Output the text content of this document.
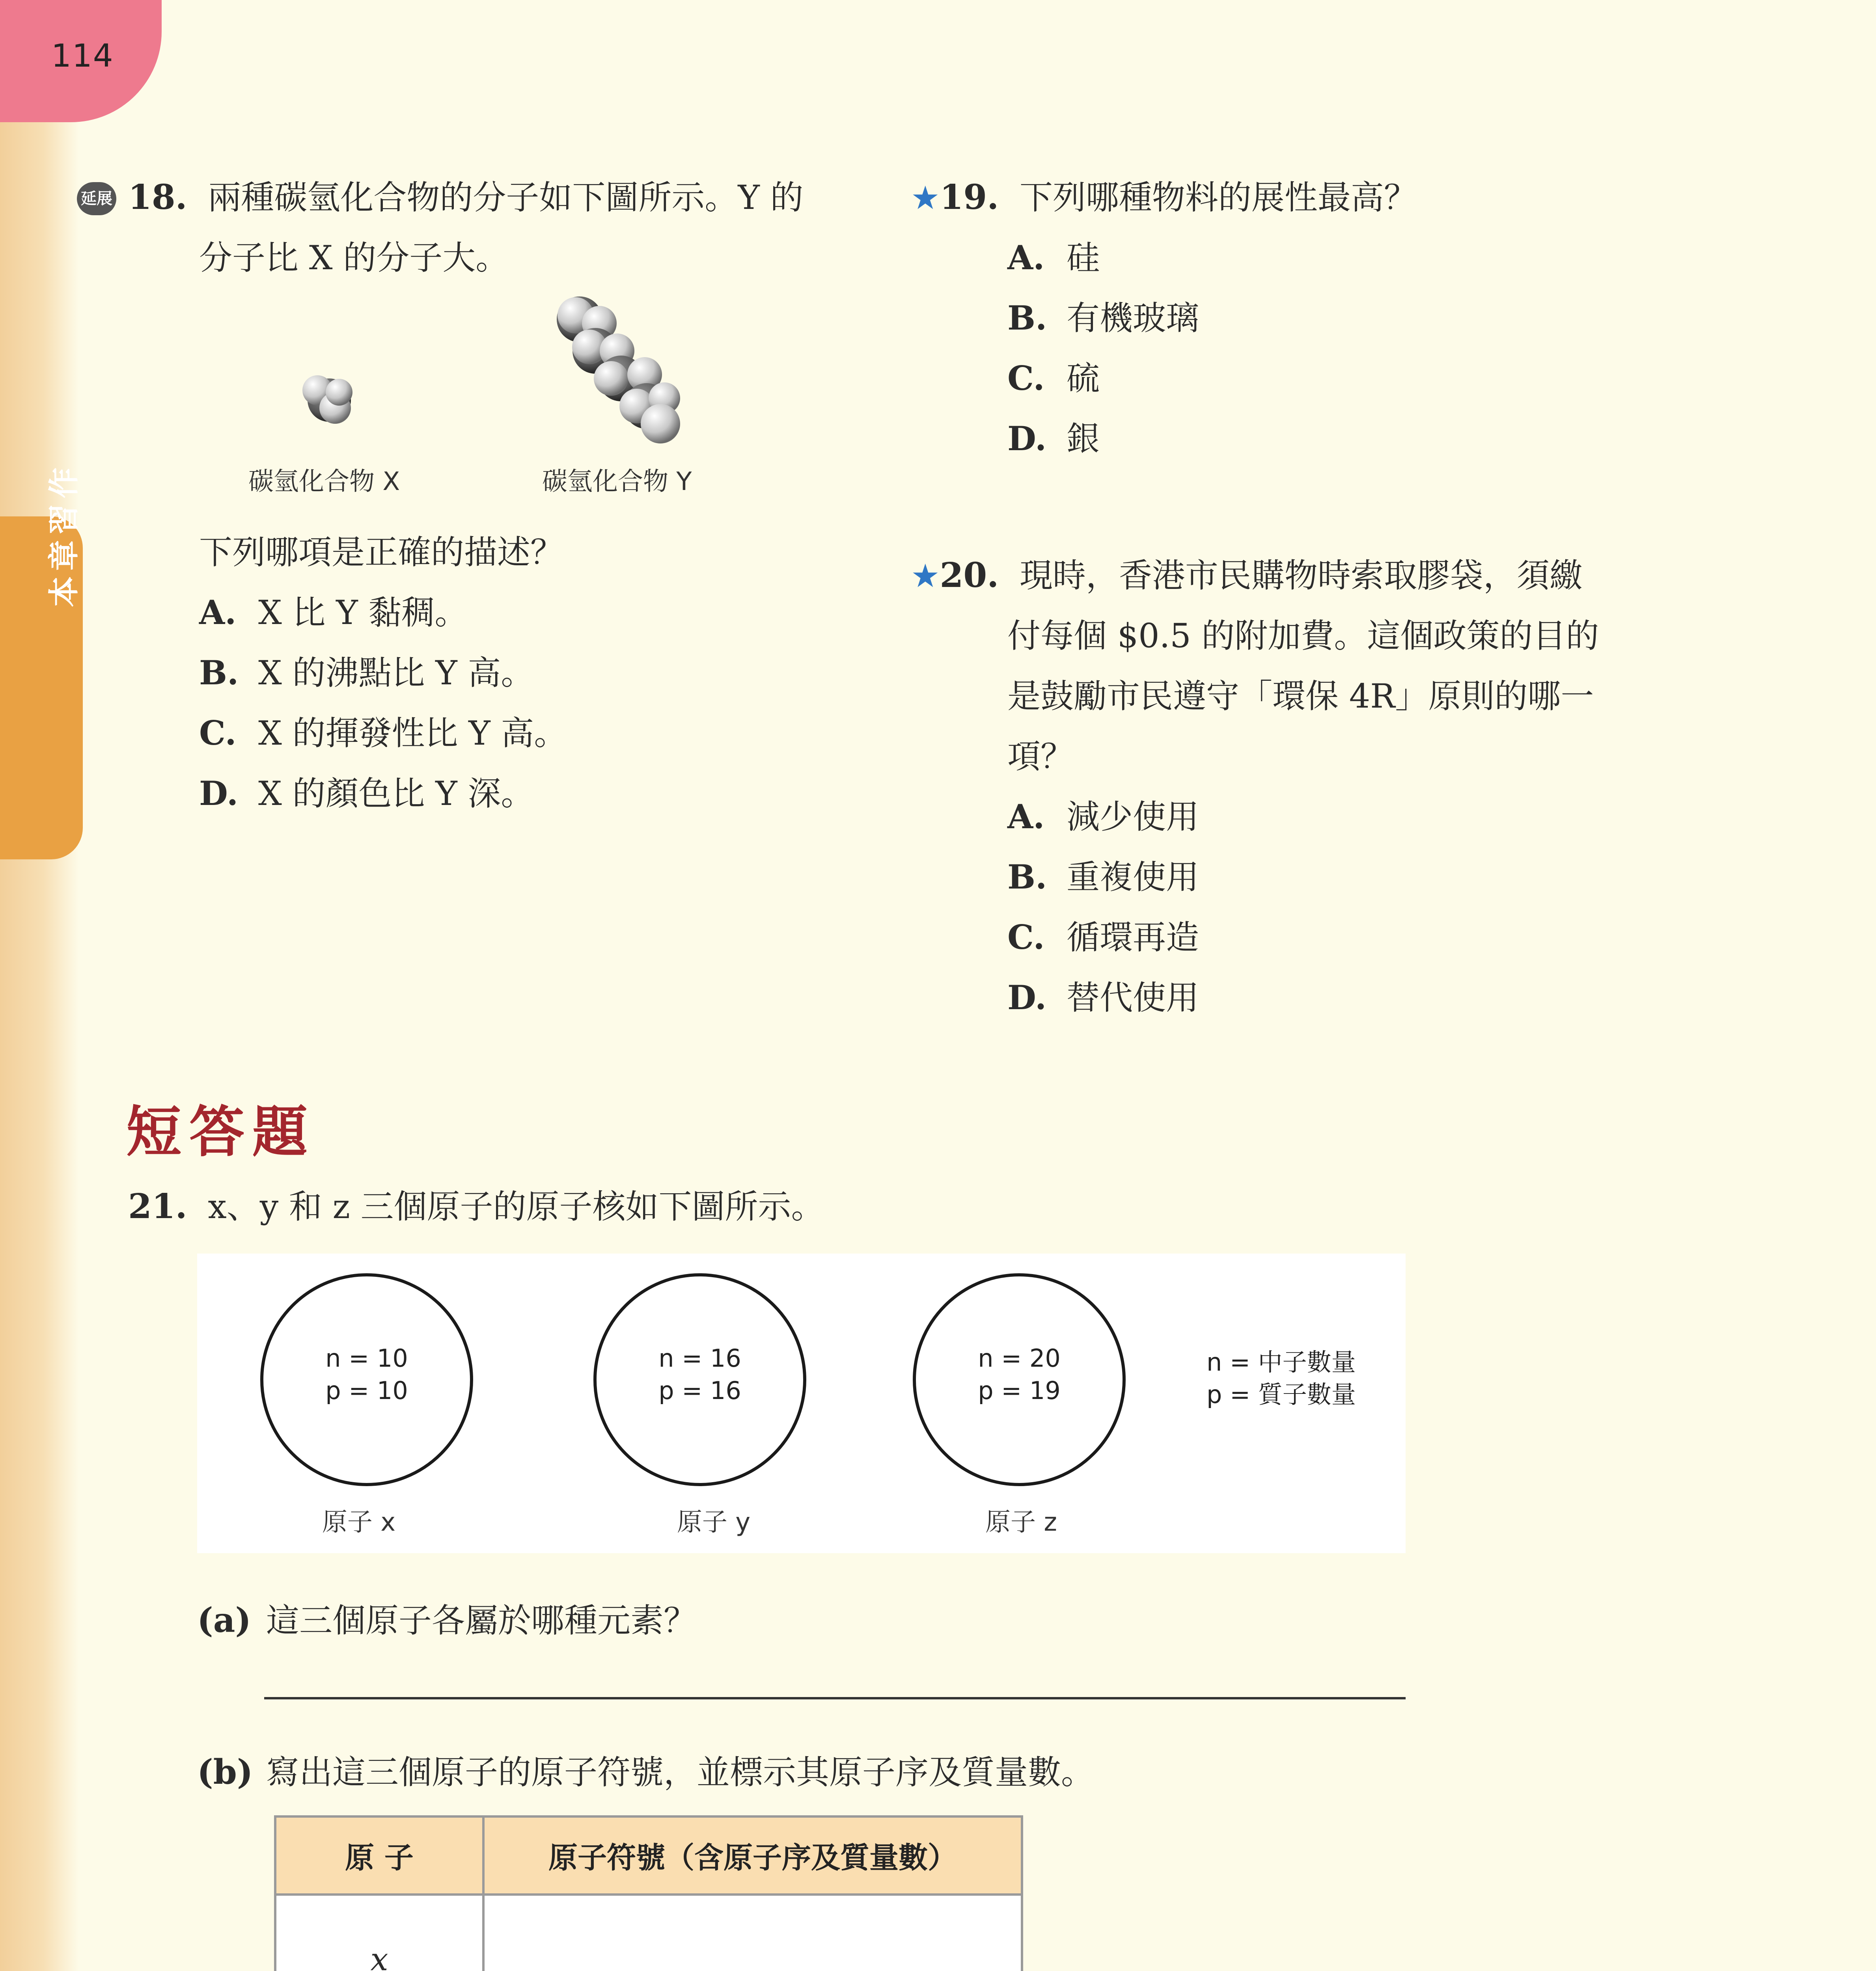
114
本章習作
延展 18. 兩種碳氫化合物的分子如下圖所示。Y 的
分子比 X 的分子大。
碳氫化合物 X	碳氫化合物 Y
下列哪項是正確的描述？
A. X 比 Y 黏稠。
B. X 的沸點比 Y 高。
C. X 的揮發性比 Y 高。
D. X 的顏色比 Y 深。
★19. 下列哪種物料的展性最高？
A. 硅
B. 有機玻璃
C. 硫
D. 銀
★20. 現時，香港市民購物時索取膠袋，須繳
付每個 $0.5 的附加費。這個政策的目的
是鼓勵市民遵守「環保 4R」原則的哪一
項？
A. 減少使用
B. 重複使用
C. 循環再造
D. 替代使用
短答題
21. x、y 和 z 三個原子的原子核如下圖所示。
n = 10
p = 10
原子 x
n = 16
p = 16
原子 y
n = 20
p = 19
原子 z
n = 中子數量
p = 質子數量
(a) 這三個原子各屬於哪種元素？
(b) 寫出這三個原子的原子符號，並標示其原子序及質量數。
原 子	原子符號（含原子序及質量數）
x	
